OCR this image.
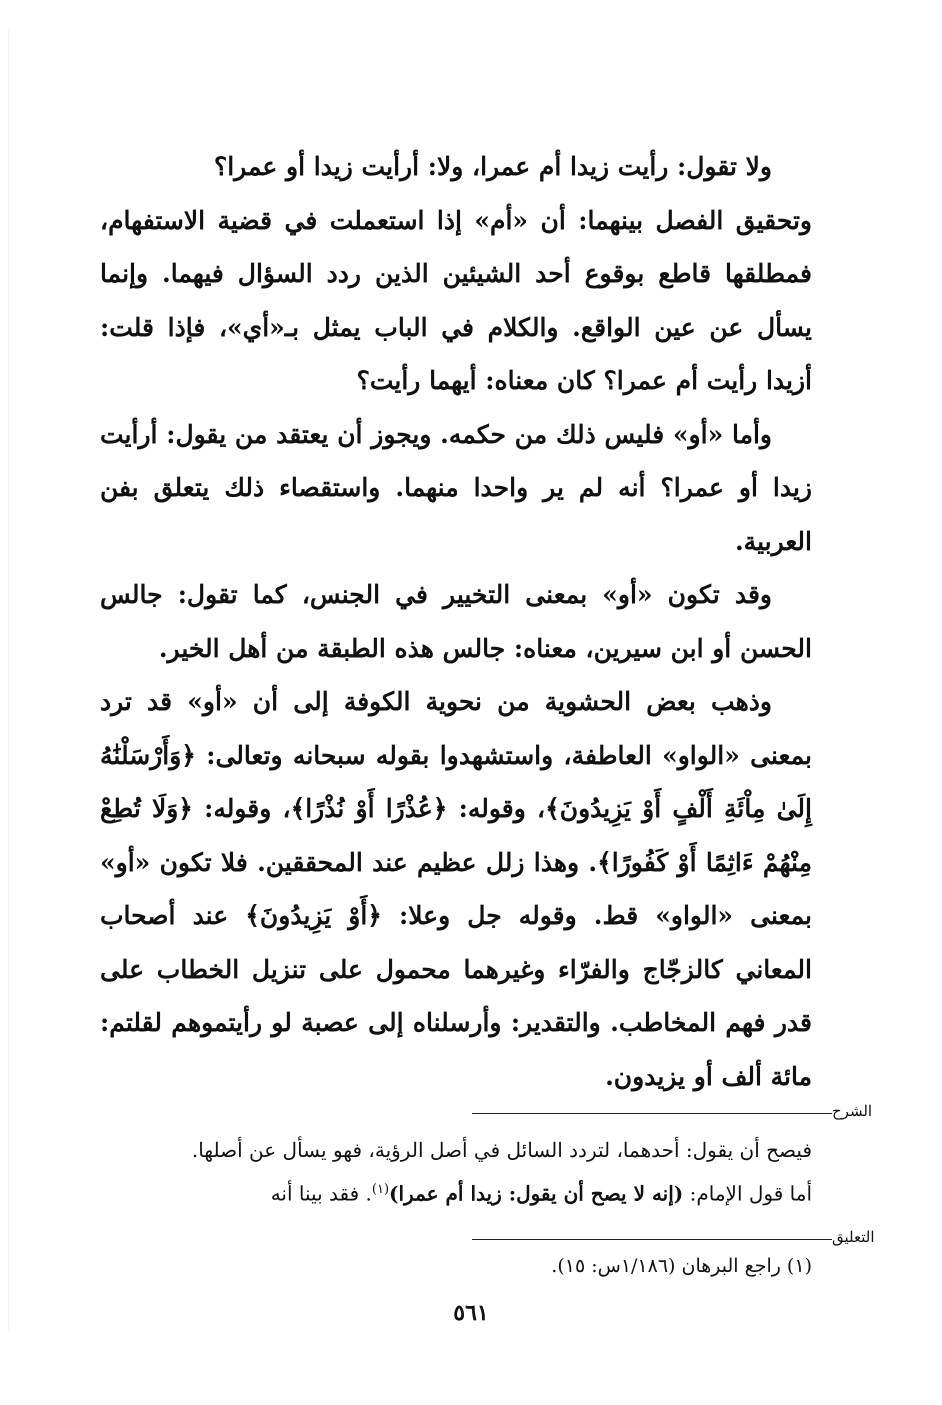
ولا تقول: رأيت زيدا أم عمرا، ولا: أرأيت زيدا أو عمرا؟

وتحقيق الفصل بينهما: أن «أم» إذا استعملت في قضية الاستفهام، فمطلقها قاطع بوقوع أحد الشيئين الذين ردد السؤال فيهما. وإنما يسأل عن عين الواقع. والكلام في الباب يمثل بـ«أي»، فإذا قلت: أزيدا رأيت أم عمرا؟ كان معناه: أيهما رأيت؟

وأما «أو» فليس ذلك من حكمه. ويجوز أن يعتقد من يقول: أرأيت زيدا أو عمرا؟ أنه لم ير واحدا منهما. واستقصاء ذلك يتعلق بفن العربية.

وقد تكون «أو» بمعنى التخيير في الجنس، كما تقول: جالس الحسن أو ابن سيرين، معناه: جالس هذه الطبقة من أهل الخير.

وذهب بعض الحشوية من نحوية الكوفة إلى أن «أو» قد ترد بمعنى «الواو» العاطفة، واستشهدوا بقوله سبحانه وتعالى: ﴿وَأَرْسَلْنَٰهُ إِلَىٰ مِاْئَةِ أَلْفٍ أَوْ يَزِيدُونَ﴾، وقوله: ﴿عُذْرًا أَوْ نُذْرًا﴾، وقوله: ﴿وَلَا تُطِعْ مِنْهُمْ ءَاثِمًا أَوْ كَفُورًا﴾. وهذا زلل عظيم عند المحققين. فلا تكون «أو» بمعنى «الواو» قط. وقوله جل وعلا: ﴿أَوْ يَزِيدُونَ﴾ عند أصحاب المعاني كالزجّاج والفرّاء وغيرهما محمول على تنزيل الخطاب على قدر فهم المخاطب. والتقدير: وأرسلناه إلى عصبة لو رأيتموهم لقلتم: مائة ألف أو يزيدون.

الشرح

فيصح أن يقول: أحدهما، لتردد السائل في أصل الرؤية، فهو يسأل عن أصلها.

أما قول الإمام: (إنه لا يصح أن يقول: زيدا أم عمرا)$^{(١)}$. فقد بينا أنه

التعليق

(١) راجع البرهان (١/١٨٦س: ١٥).

٥٦١
